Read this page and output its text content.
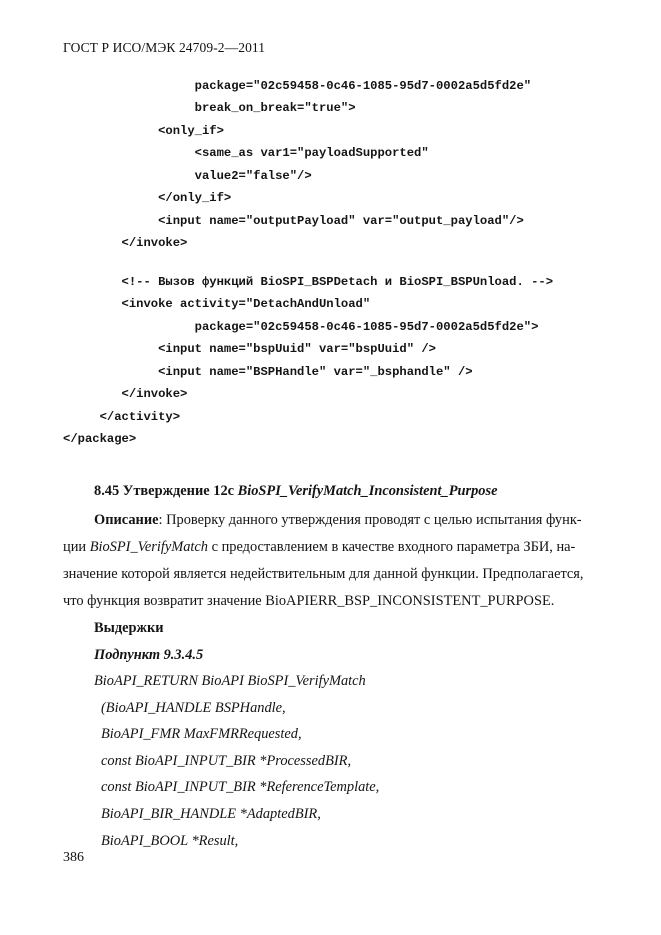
ГОСТ Р ИСО/МЭК 24709-2—2011
package="02c59458-0c46-1085-95d7-0002a5d5fd2e"
break_on_break="true">
<only_if>
<same_as var1="payloadSupported"
value2="false"/>
</only_if>
<input name="outputPayload" var="output_payload"/>
</invoke>
<!-- Вызов функций BioSPI_BSPDetach и BioSPI_BSPUnload. -->
<invoke activity="DetachAndUnload"
package="02c59458-0c46-1085-95d7-0002a5d5fd2e">
<input name="bspUuid" var="bspUuid" />
<input name="BSPHandle" var="_bsphandle" />
</invoke>
</activity>
</package>
8.45 Утверждение 12с BioSPI_VerifyMatch_Inconsistent_Purpose
Описание: Проверку данного утверждения проводят с целью испытания функ-
ции BioSPI_VerifyMatch с предоставлением в качестве входного параметра ЗБИ, на-
значение которой является недействительным для данной функции. Предполагается,
что функция возвратит значение BioAPIERR_BSP_INCONSISTENT_PURPOSE.
Выдержки
Подпункт 9.3.4.5
BioAPI_RETURN BioAPI BioSPI_VerifyMatch
(BioAPI_HANDLE BSPHandle,
BioAPI_FMR MaxFMRRequested,
const BioAPI_INPUT_BIR *ProcessedBIR,
const BioAPI_INPUT_BIR *ReferenceTemplate,
BioAPI_BIR_HANDLE *AdaptedBIR,
BioAPI_BOOL *Result,
386
